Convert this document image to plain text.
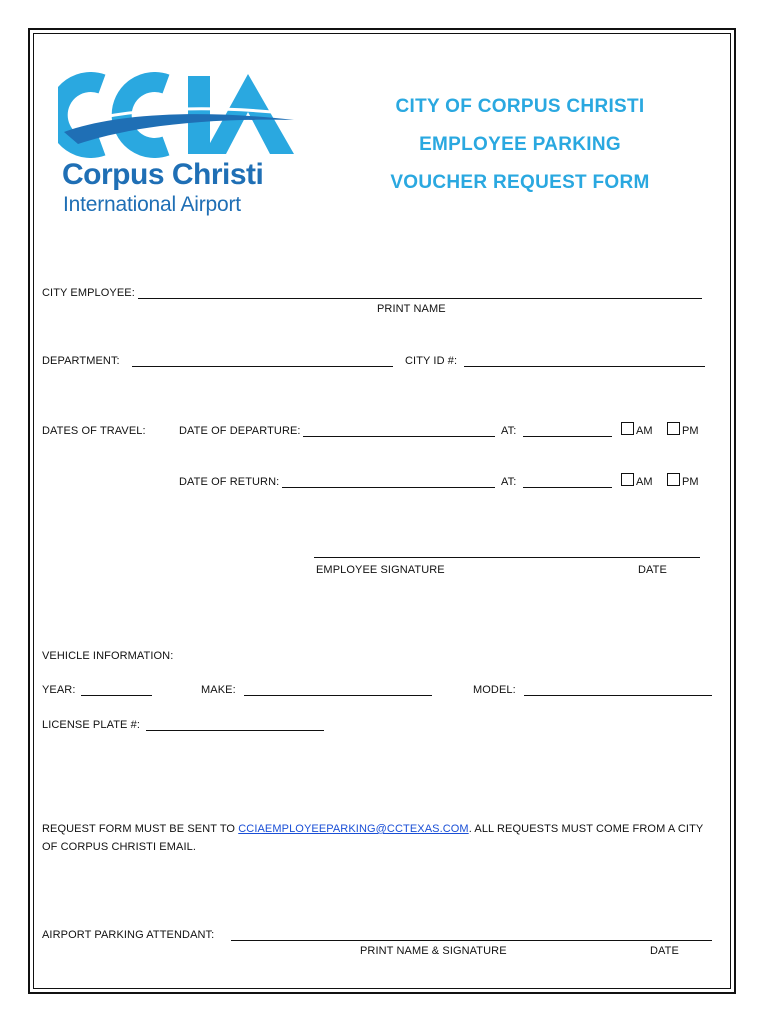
Corpus Christi
International Airport
CITY OF CORPUS CHRISTI
EMPLOYEE PARKING
VOUCHER REQUEST FORM
CITY EMPLOYEE:
PRINT NAME
DEPARTMENT:	CITY ID #:
DATES OF TRAVEL:	DATE OF DEPARTURE:	AT:	AM	PM
DATE OF RETURN:	AT:	AM	PM
EMPLOYEE SIGNATURE	DATE
VEHICLE INFORMATION:
YEAR:	MAKE:	MODEL:
LICENSE PLATE #:
REQUEST FORM MUST BE SENT TO CCIAEMPLOYEEPARKING@CCTEXAS.COM. ALL REQUESTS MUST COME FROM A CITY
OF CORPUS CHRISTI EMAIL.
AIRPORT PARKING ATTENDANT:
PRINT NAME & SIGNATURE	DATE
